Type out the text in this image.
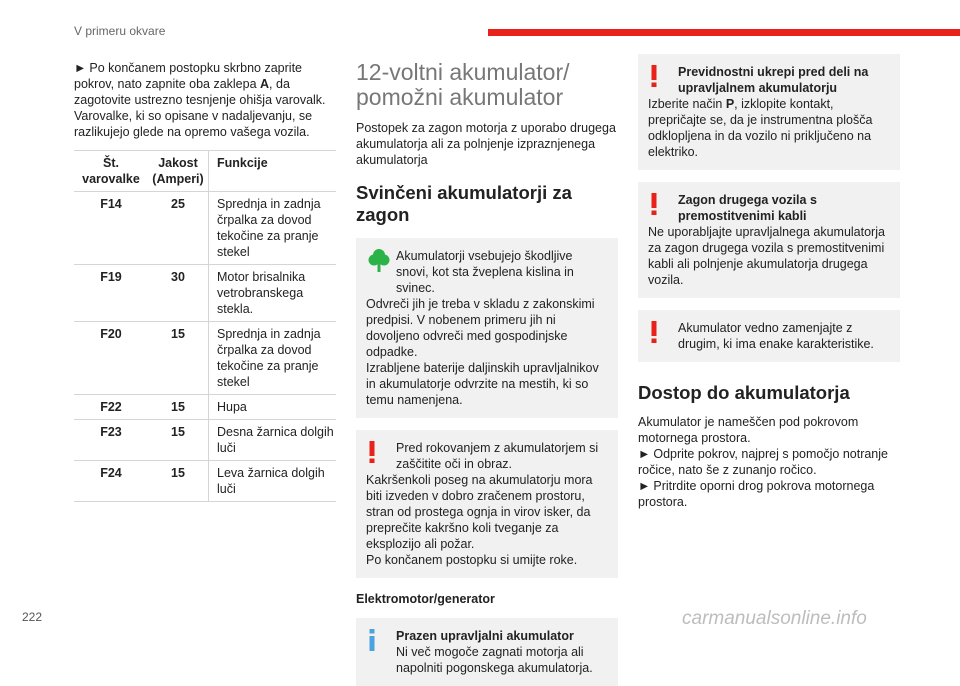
V primeru okvare

► Po končanem postopku skrbno zaprite pokrov, nato zapnite oba zaklepa A, da zagotovite ustrezno tesnjenje ohišja varovalk.

Varovalke, ki so opisane v nadaljevanju, se razlikujejo glede na opremo vašega vozila.

Št. varovalke	Jakost (Amperi)	Funkcije
F14	25	Sprednja in zadnja črpalka za dovod tekočine za pranje stekel
F19	30	Motor brisalnika vetrobranskega stekla.
F20	15	Sprednja in zadnja črpalka za dovod tekočine za pranje stekel
F22	15	Hupa
F23	15	Desna žarnica dolgih luči
F24	15	Leva žarnica dolgih luči
12-voltni akumulator/ pomožni akumulator

Postopek za zagon motorja z uporabo drugega akumulatorja ali za polnjenje izpraznjenega akumulatorja

Svinčeni akumulatorji za zagon

Akumulatorji vsebujejo škodljive snovi, kot sta žveplena kislina in svinec.

Odvreči jih je treba v skladu z zakonskimi predpisi. V nobenem primeru jih ni dovoljeno odvreči med gospodinjske odpadke.

Izrabljene baterije daljinskih upravljalnikov in akumulatorje odvrzite na mestih, ki so temu namenjena.

Pred rokovanjem z akumulatorjem si zaščitite oči in obraz.

Kakršenkoli poseg na akumulatorju mora biti izveden v dobro zračenem prostoru, stran od prostega ognja in virov isker, da preprečite kakršno koli tveganje za eksplozijo ali požar.

Po končanem postopku si umijte roke.

Elektromotor/generator

Prazen upravljalni akumulator

Ni več mogoče zagnati motorja ali napolniti pogonskega akumulatorja.

Previdnostni ukrepi pred deli na upravljalnem akumulatorju

Izberite način P, izklopite kontakt, prepričajte se, da je instrumentna plošča odklopljena in da vozilo ni priključeno na elektriko.

Zagon drugega vozila s premostitvenimi kabli

Ne uporabljajte upravljalnega akumulatorja za zagon drugega vozila s premostitvenimi kabli ali polnjenje akumulatorja drugega vozila.

Akumulator vedno zamenjajte z drugim, ki ima enake karakteristike.

Dostop do akumulatorja

Akumulator je nameščen pod pokrovom motornega prostora.

► Odprite pokrov, najprej s pomočjo notranje ročice, nato še z zunanjo ročico.

► Pritrdite oporni drog pokrova motornega prostora.

222	carmanualsonline.info
